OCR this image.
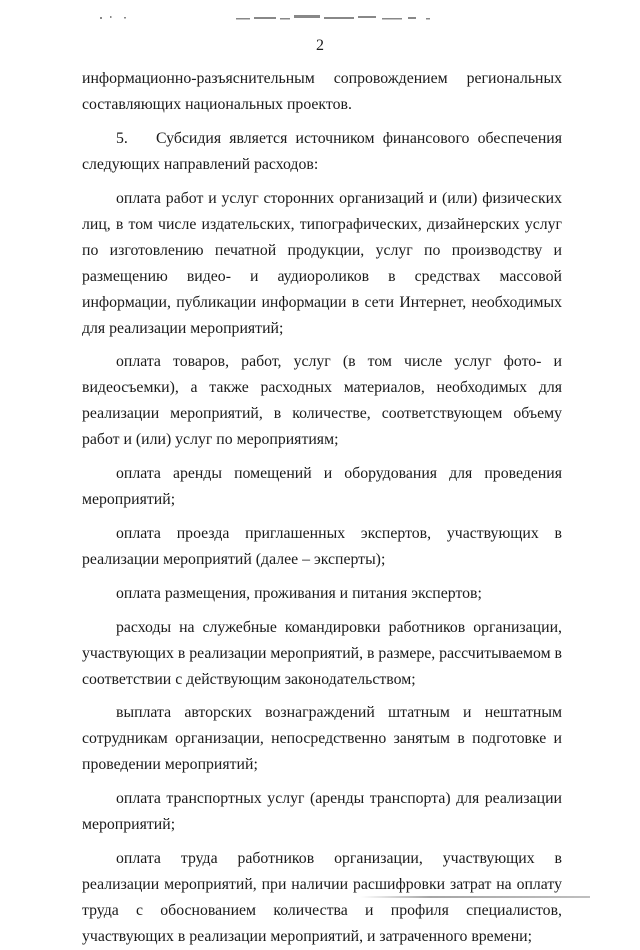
2

информационно-разъяснительным сопровождением региональных составляющих национальных проектов.

5. Субсидия является источником финансового обеспечения следующих направлений расходов:

оплата работ и услуг сторонних организаций и (или) физических лиц, в том числе издательских, типографических, дизайнерских услуг по изготовлению печатной продукции, услуг по производству и размещению видео- и аудиороликов в средствах массовой информации, публикации информации в сети Интернет, необходимых для реализации мероприятий;

оплата товаров, работ, услуг (в том числе услуг фото- и видеосъемки), а также расходных материалов, необходимых для реализации мероприятий, в количестве, соответствующем объему работ и (или) услуг по мероприятиям;

оплата аренды помещений и оборудования для проведения мероприятий;

оплата проезда приглашенных экспертов, участвующих в реализации мероприятий (далее – эксперты);

оплата размещения, проживания и питания экспертов;

расходы на служебные командировки работников организации, участвующих в реализации мероприятий, в размере, рассчитываемом в соответствии с действующим законодательством;

выплата авторских вознаграждений штатным и нештатным сотрудникам организации, непосредственно занятым в подготовке и проведении мероприятий;

оплата транспортных услуг (аренды транспорта) для реализации мероприятий;

оплата труда работников организации, участвующих в реализации мероприятий, при наличии расшифровки затрат на оплату труда с обоснованием количества и профиля специалистов, участвующих в реализации мероприятий, и затраченного времени;
